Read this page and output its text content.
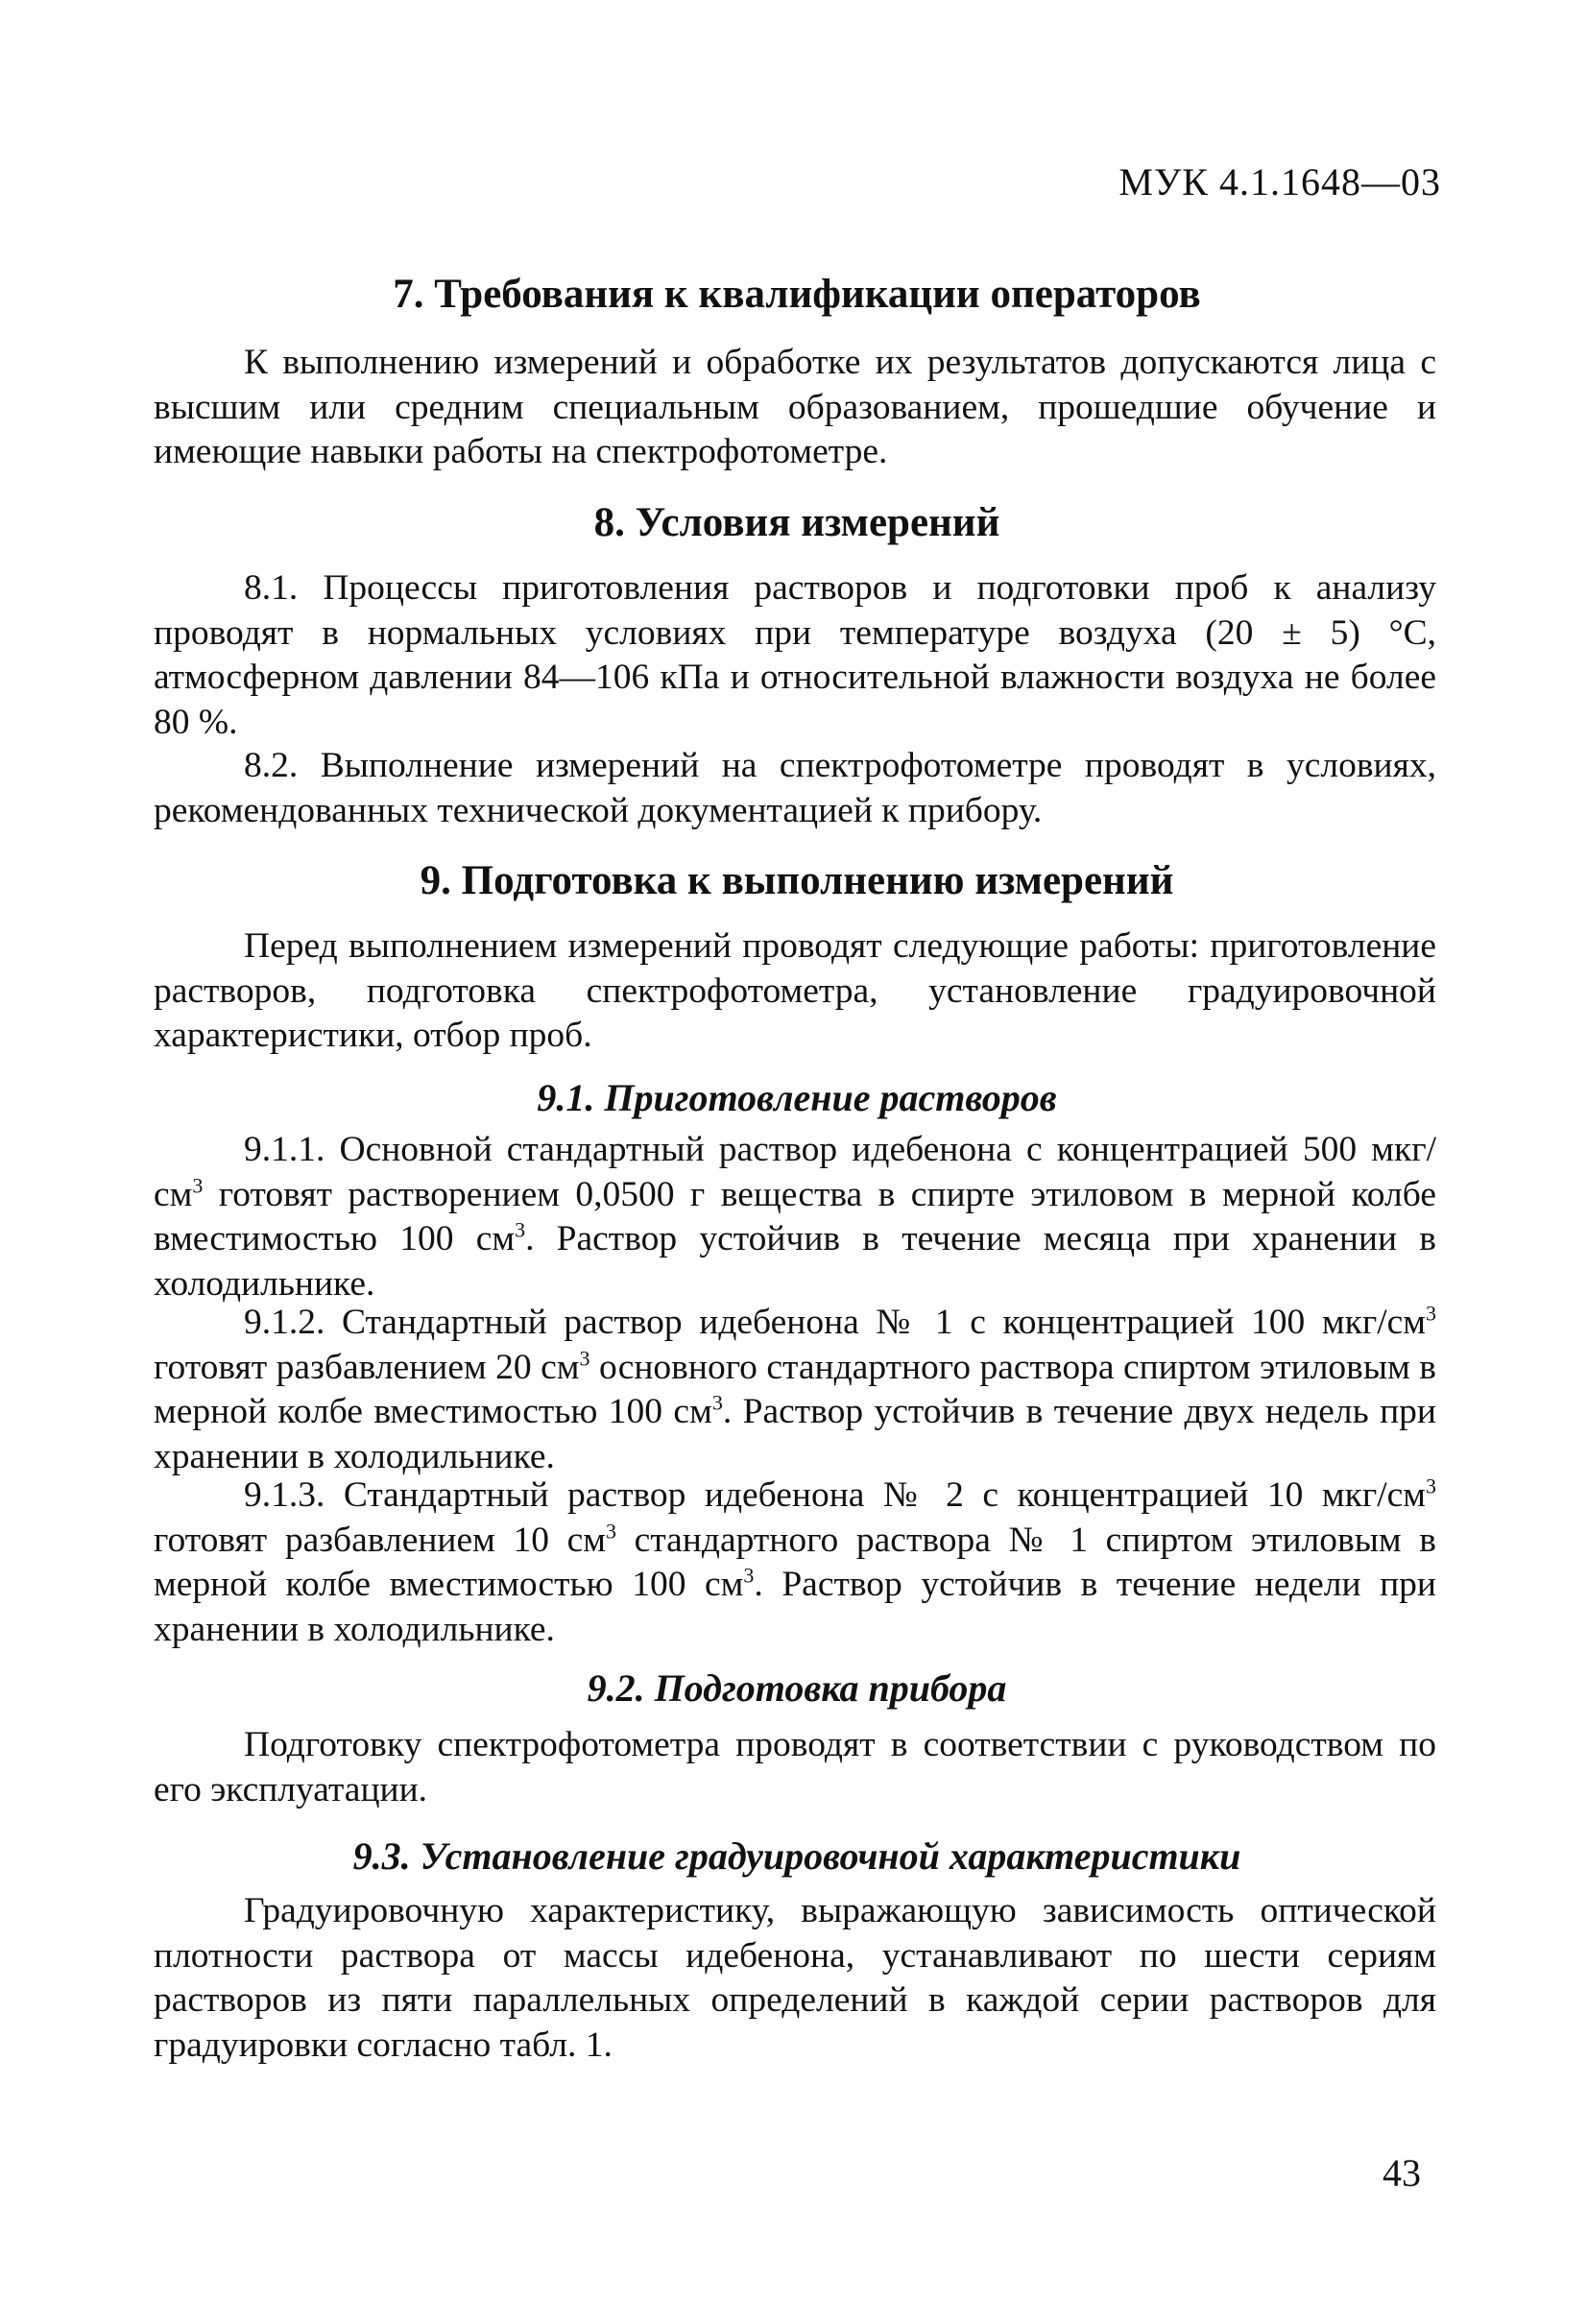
МУК 4.1.1648—03
7. Требования к квалификации операторов
К выполнению измерений и обработке их результатов допускаются лица с высшим или средним специальным образованием, прошедшие обучение и имеющие навыки работы на спектрофотометре.
8. Условия измерений
8.1. Процессы приготовления растворов и подготовки проб к анализу проводят в нормальных условиях при температуре воздуха (20 ± 5) °С, атмосферном давлении 84—106 кПа и относительной влажности воздуха не более 80 %.
8.2. Выполнение измерений на спектрофотометре проводят в условиях, рекомендованных технической документацией к прибору.
9. Подготовка к выполнению измерений
Перед выполнением измерений проводят следующие работы: приготовление растворов, подготовка спектрофотометра, установление градуировочной характеристики, отбор проб.
9.1. Приготовление растворов
9.1.1. Основной стандартный раствор идебенона с концентрацией 500 мкг/$см^3$ готовят растворением 0,0500 г вещества в спирте этиловом в мерной колбе вместимостью 100 $см^3$. Раствор устойчив в течение месяца при хранении в холодильнике.
9.1.2. Стандартный раствор идебенона № 1 с концентрацией 100 мкг/$см^3$ готовят разбавлением 20 $см^3$ основного стандартного раствора спиртом этиловым в мерной колбе вместимостью 100 $см^3$. Раствор устойчив в течение двух недель при хранении в холодильнике.
9.1.3. Стандартный раствор идебенона № 2 с концентрацией 10 мкг/$см^3$ готовят разбавлением 10 $см^3$ стандартного раствора № 1 спиртом этиловым в мерной колбе вместимостью 100 $см^3$. Раствор устойчив в течение недели при хранении в холодильнике.
9.2. Подготовка прибора
Подготовку спектрофотометра проводят в соответствии с руководством по его эксплуатации.
9.3. Установление градуировочной характеристики
Градуировочную характеристику, выражающую зависимость оптической плотности раствора от массы идебенона, устанавливают по шести сериям растворов из пяти параллельных определений в каждой серии растворов для градуировки согласно табл. 1.
43
